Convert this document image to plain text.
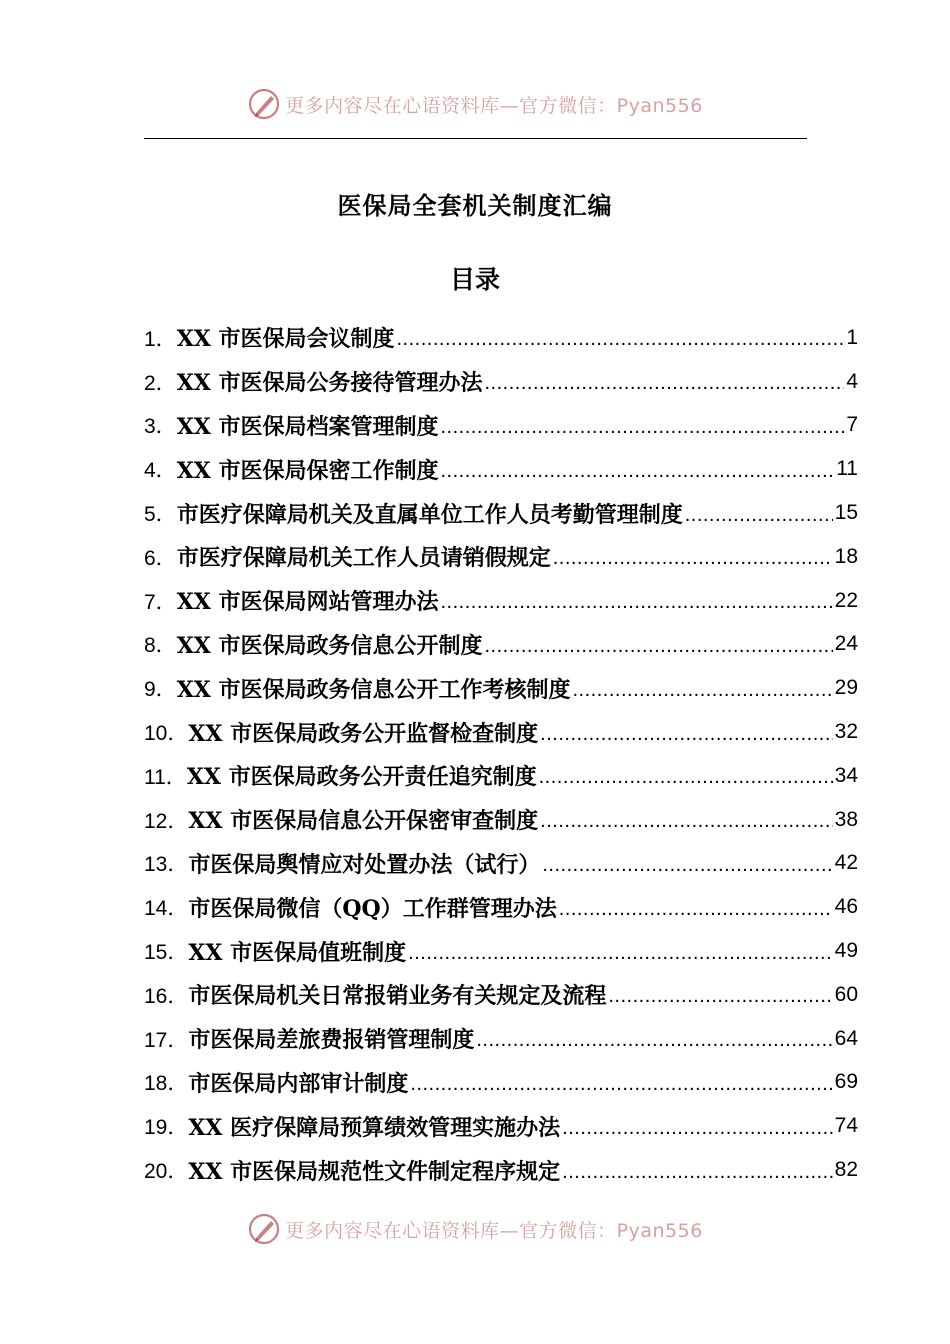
更多内容尽在心语资料库—官方微信：Pyan556
医保局全套机关制度汇编
目录
1． XX 市医保局会议制度 .....	1
2． XX 市医保局公务接待管理办法 .....	4
3． XX 市医保局档案管理制度 .....	7
4． XX 市医保局保密工作制度 .....	11
5． 市医疗保障局机关及直属单位工作人员考勤管理制度 .....	15
6． 市医疗保障局机关工作人员请销假规定 .....	18
7． XX 市医保局网站管理办法 .....	22
8． XX 市医保局政务信息公开制度 .....	24
9． XX 市医保局政务信息公开工作考核制度 .....	29
10． XX 市医保局政务公开监督检查制度 .....	32
11． XX 市医保局政务公开责任追究制度 .....	34
12． XX 市医保局信息公开保密审查制度 .....	38
13． 市医保局舆情应对处置办法（试行） .....	42
14． 市医保局微信（QQ）工作群管理办法 .....	46
15． XX 市医保局值班制度 .....	49
16． 市医保局机关日常报销业务有关规定及流程 .....	60
17． 市医保局差旅费报销管理制度 .....	64
18． 市医保局内部审计制度 .....	69
19． XX 医疗保障局预算绩效管理实施办法 .....	74
20． XX 市医保局规范性文件制定程序规定 .....	82
更多内容尽在心语资料库—官方微信：Pyan556
